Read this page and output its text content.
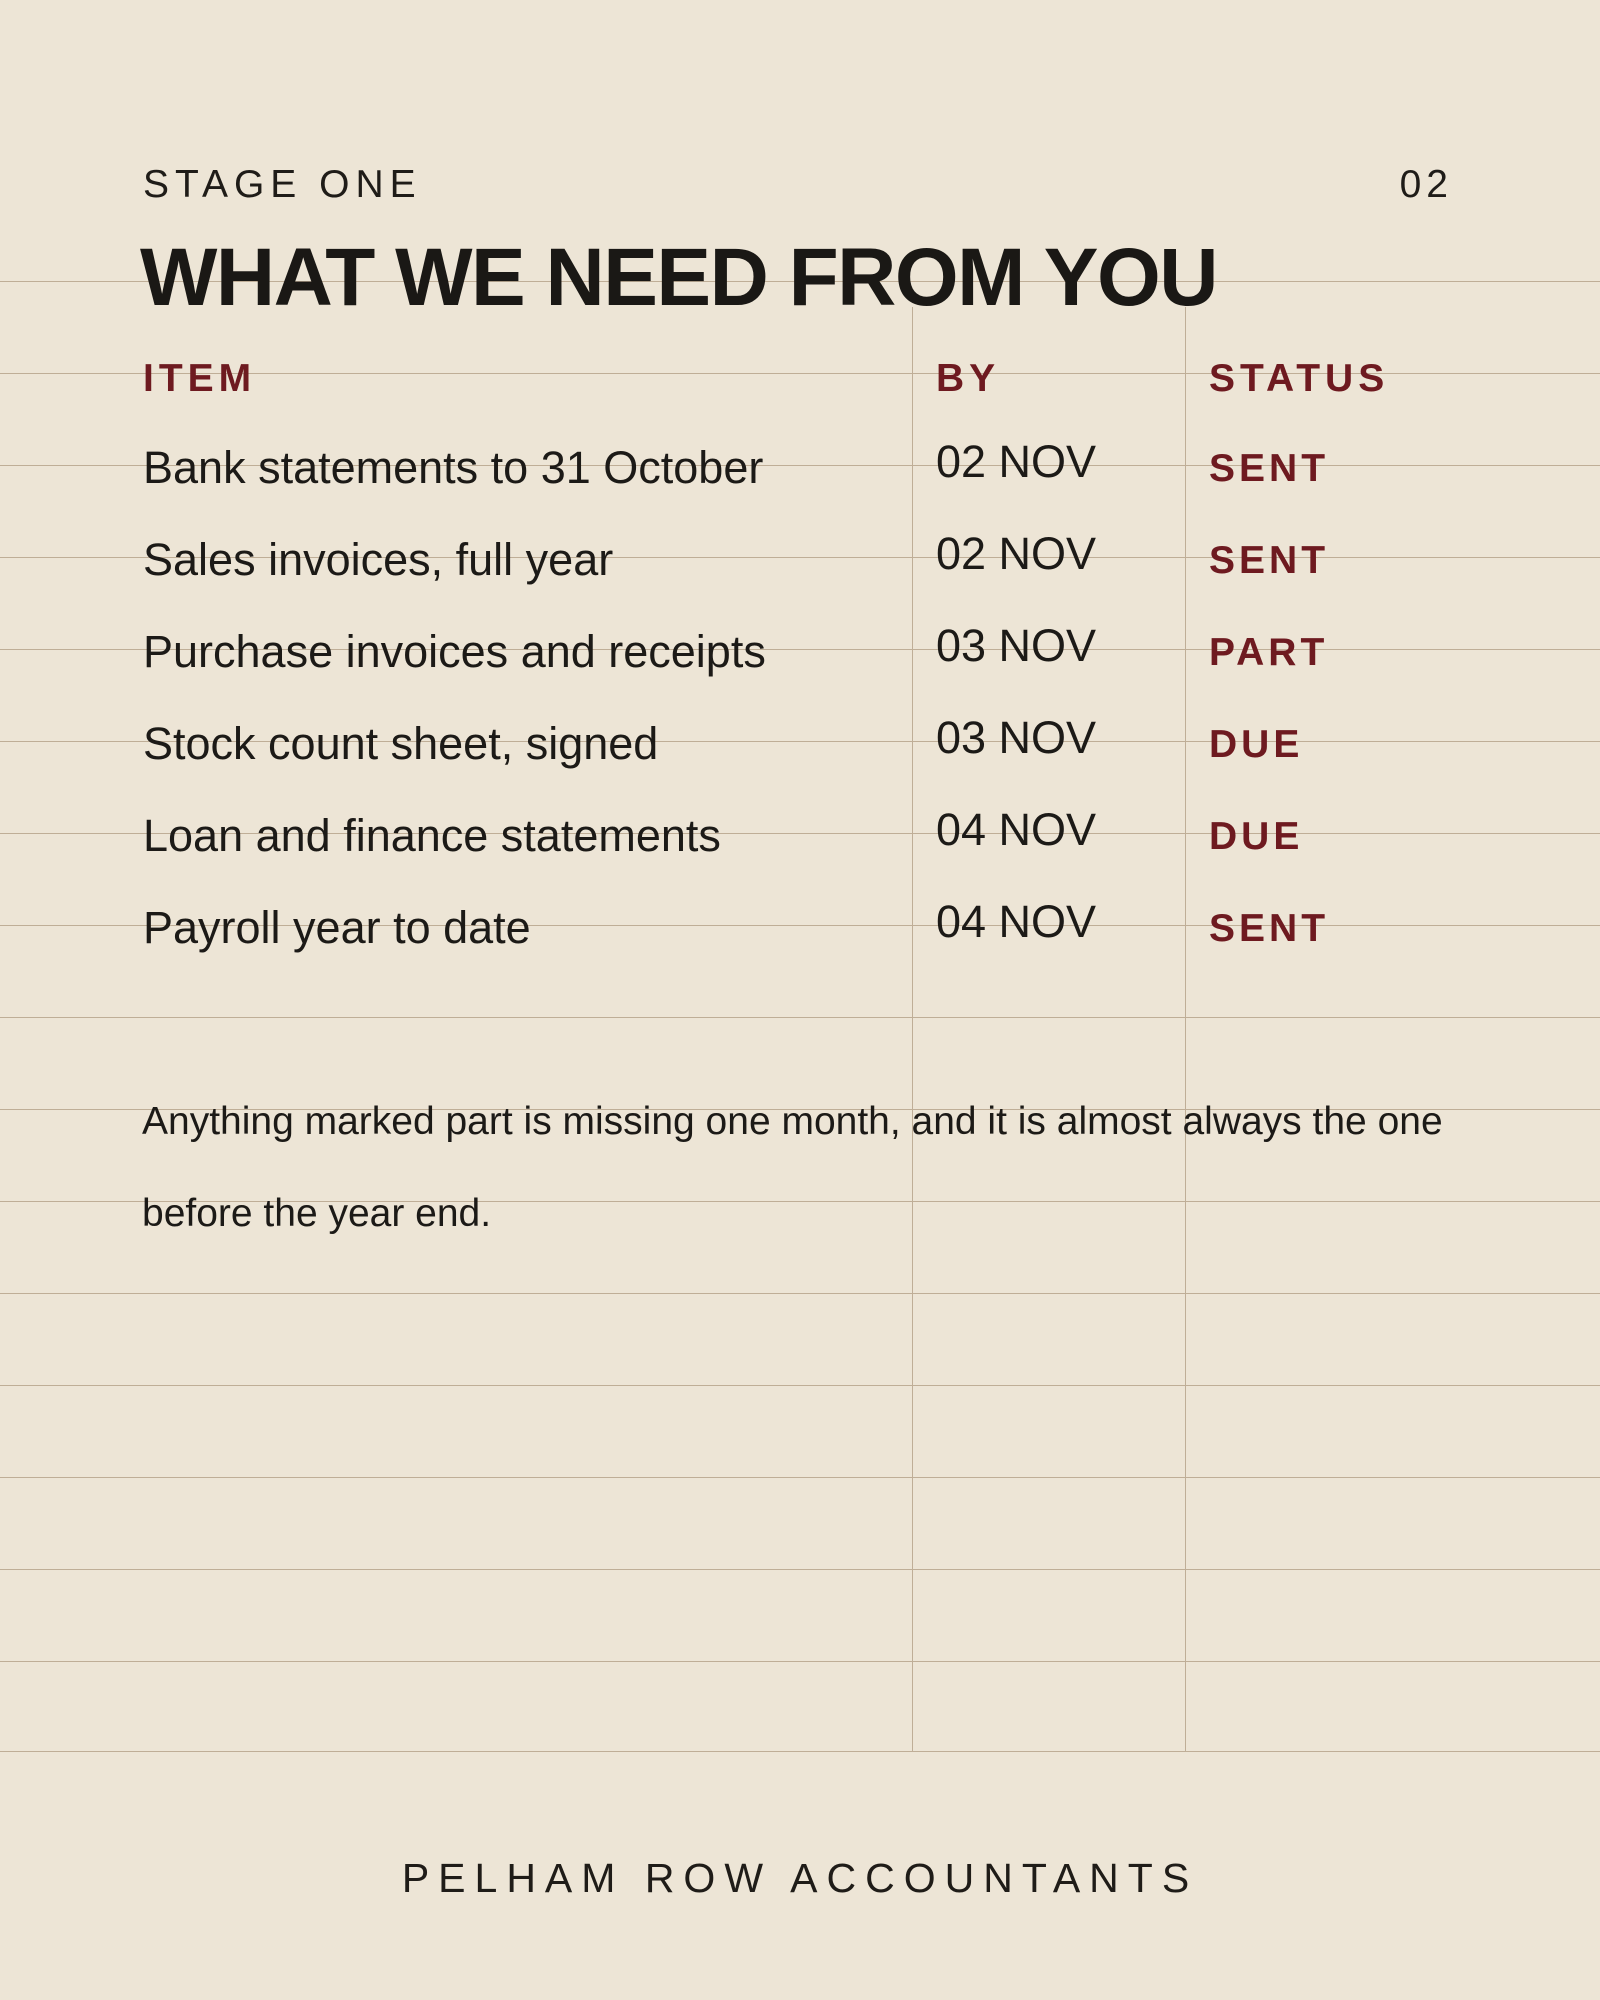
STAGE ONE	02
WHAT WE NEED FROM YOU
ITEM	BY	STATUS
Bank statements to 31 October	02 NOV	SENT
Sales invoices, full year	02 NOV	SENT
Purchase invoices and receipts	03 NOV	PART
Stock count sheet, signed	03 NOV	DUE
Loan and finance statements	04 NOV	DUE
Payroll year to date	04 NOV	SENT
Anything marked part is missing one month, and it is almost always the one before the year end.
PELHAM ROW ACCOUNTANTS
